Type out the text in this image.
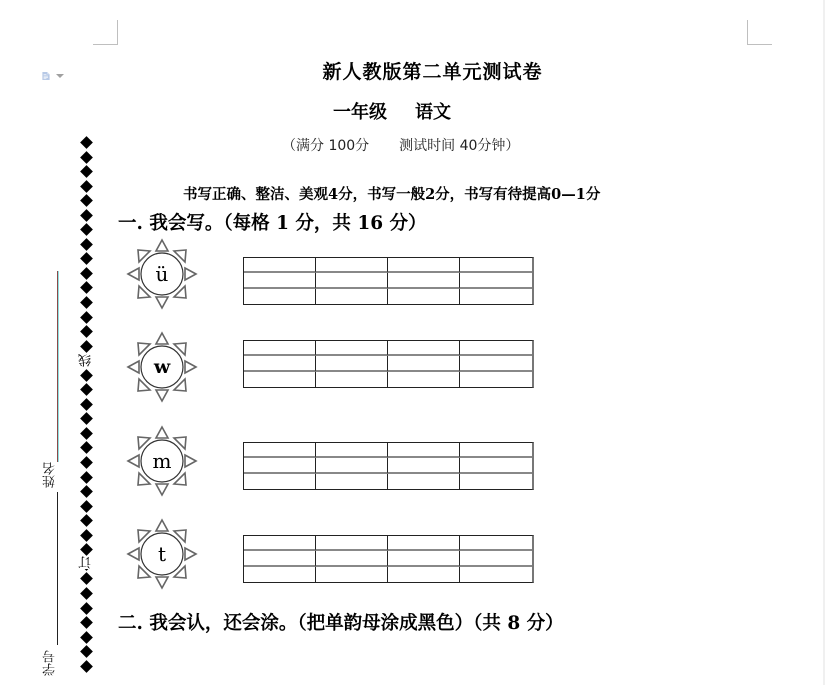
新人教版第二单元测试卷
一年级 语文
（满分 100分 测试时间 40分钟）
书写正确、整洁、美观4分，书写一般2分，书写有待提高0—1分
一. 我会写。（每格 1 分，共 16 分）
二. 我会认，还会涂。（把单韵母涂成黑色）（共 8 分）
姓名
学号
线
订
ü
w
m
t
